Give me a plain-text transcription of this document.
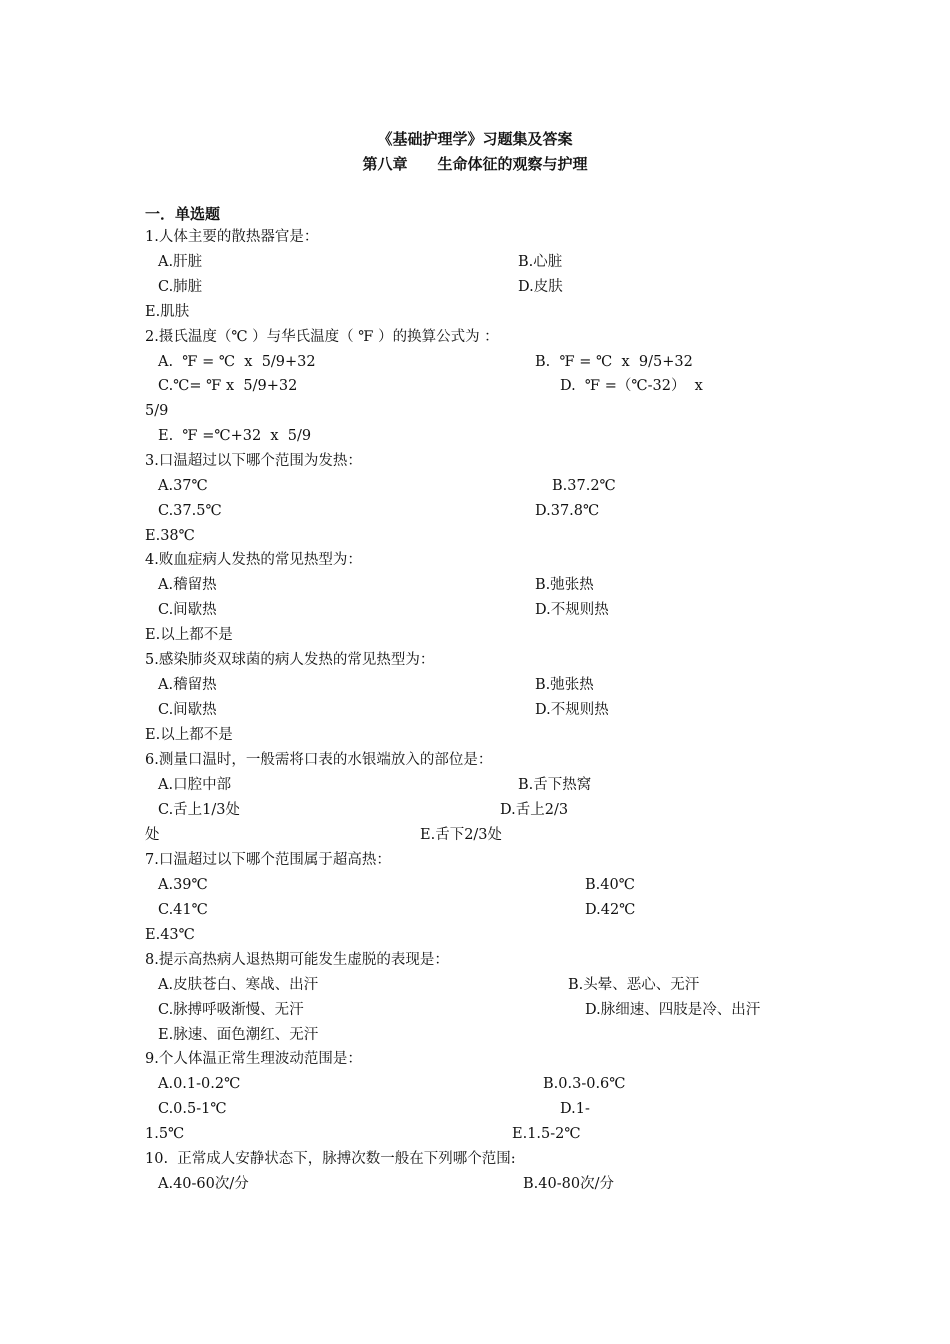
《基础护理学》习题集及答案
第八章　　生命体征的观察与护理
一．单选题
1.人体主要的散热器官是：
A.肝脏	B.心脏
C.肺脏	D.皮肤
E.肌肤
2.摄氏温度（℃ ）与华氏温度（ ℉ ）的换算公式为 ：
A.  ℉ = ℃  x  5/9+32	B.  ℉ = ℃  x  9/5+32
C.℃= ℉ x  5/9+32	D.  ℉ =（℃-32）  x
5/9
E.  ℉ =℃+32  x  5/9
3.口温超过以下哪个范围为发热：
A.37℃	B.37.2℃
C.37.5℃	D.37.8℃
E.38℃
4.败血症病人发热的常见热型为：
A.稽留热	B.弛张热
C.间歇热	D.不规则热
E.以上都不是
5.感染肺炎双球菌的病人发热的常见热型为：
A.稽留热	B.弛张热
C.间歇热	D.不规则热
E.以上都不是
6.测量口温时，一般需将口表的水银端放入的部位是：
A.口腔中部	B.舌下热窝
C.舌上1/3处	D.舌上2/3
处	E.舌下2/3处
7.口温超过以下哪个范围属于超高热：
A.39℃	B.40℃
C.41℃	D.42℃
E.43℃
8.提示高热病人退热期可能发生虚脱的表现是：
A.皮肤苍白、寒战、出汗	B.头晕、恶心、无汗
C.脉搏呼吸渐慢、无汗	D.脉细速、四肢是冷、出汗
E.脉速、面色潮红、无汗
9.个人体温正常生理波动范围是：
A.0.1-0.2℃	B.0.3-0.6℃
C.0.5-1℃	D.1-
1.5℃	E.1.5-2℃
10.  正常成人安静状态下，脉搏次数一般在下列哪个范围:
A.40-60次/分	B.40-80次/分
